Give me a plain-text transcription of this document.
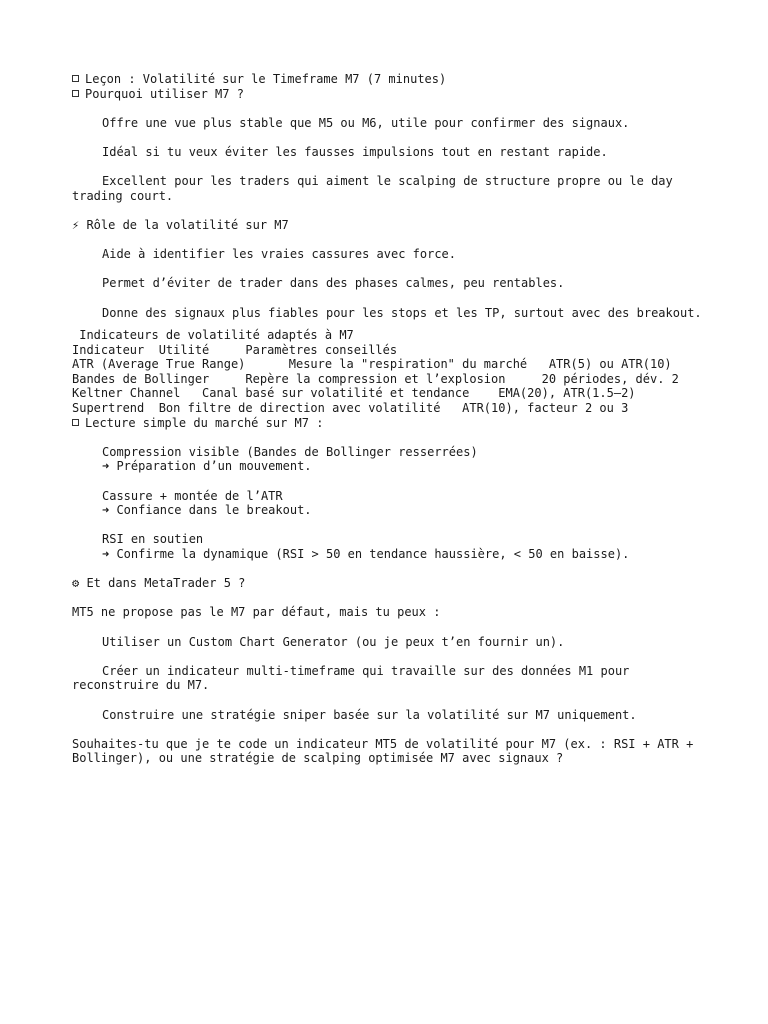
Leçon : Volatilité sur le Timeframe M7 (7 minutes)

Pourquoi utiliser M7 ?

Offre une vue plus stable que M5 ou M6, utile pour confirmer des signaux.

Idéal si tu veux éviter les fausses impulsions tout en restant rapide.

Excellent pour les traders qui aiment le scalping de structure propre ou le day trading court.

⚡ Rôle de la volatilité sur M7

Aide à identifier les vraies cassures avec force.

Permet d’éviter de trader dans des phases calmes, peu rentables.

Donne des signaux plus fiables pour les stops et les TP, surtout avec des breakout.

Indicateurs de volatilité adaptés à M7

Indicateur  Utilité     Paramètres conseillés

ATR (Average True Range)      Mesure la "respiration" du marché   ATR(5) ou ATR(10)

Bandes de Bollinger     Repère la compression et l’explosion     20 périodes, dév. 2

Keltner Channel   Canal basé sur volatilité et tendance    EMA(20), ATR(1.5–2)

Supertrend  Bon filtre de direction avec volatilité   ATR(10), facteur 2 ou 3

Lecture simple du marché sur M7 :

Compression visible (Bandes de Bollinger resserrées)

➜ Préparation d’un mouvement.

Cassure + montée de l’ATR

➜ Confiance dans le breakout.

RSI en soutien

➜ Confirme la dynamique (RSI > 50 en tendance haussière, < 50 en baisse).

⚙ Et dans MetaTrader 5 ?

MT5 ne propose pas le M7 par défaut, mais tu peux :

Utiliser un Custom Chart Generator (ou je peux t’en fournir un).

Créer un indicateur multi-timeframe qui travaille sur des données M1 pour reconstruire du M7.

Construire une stratégie sniper basée sur la volatilité sur M7 uniquement.

Souhaites-tu que je te code un indicateur MT5 de volatilité pour M7 (ex. : RSI + ATR + Bollinger), ou une stratégie de scalping optimisée M7 avec signaux ?
